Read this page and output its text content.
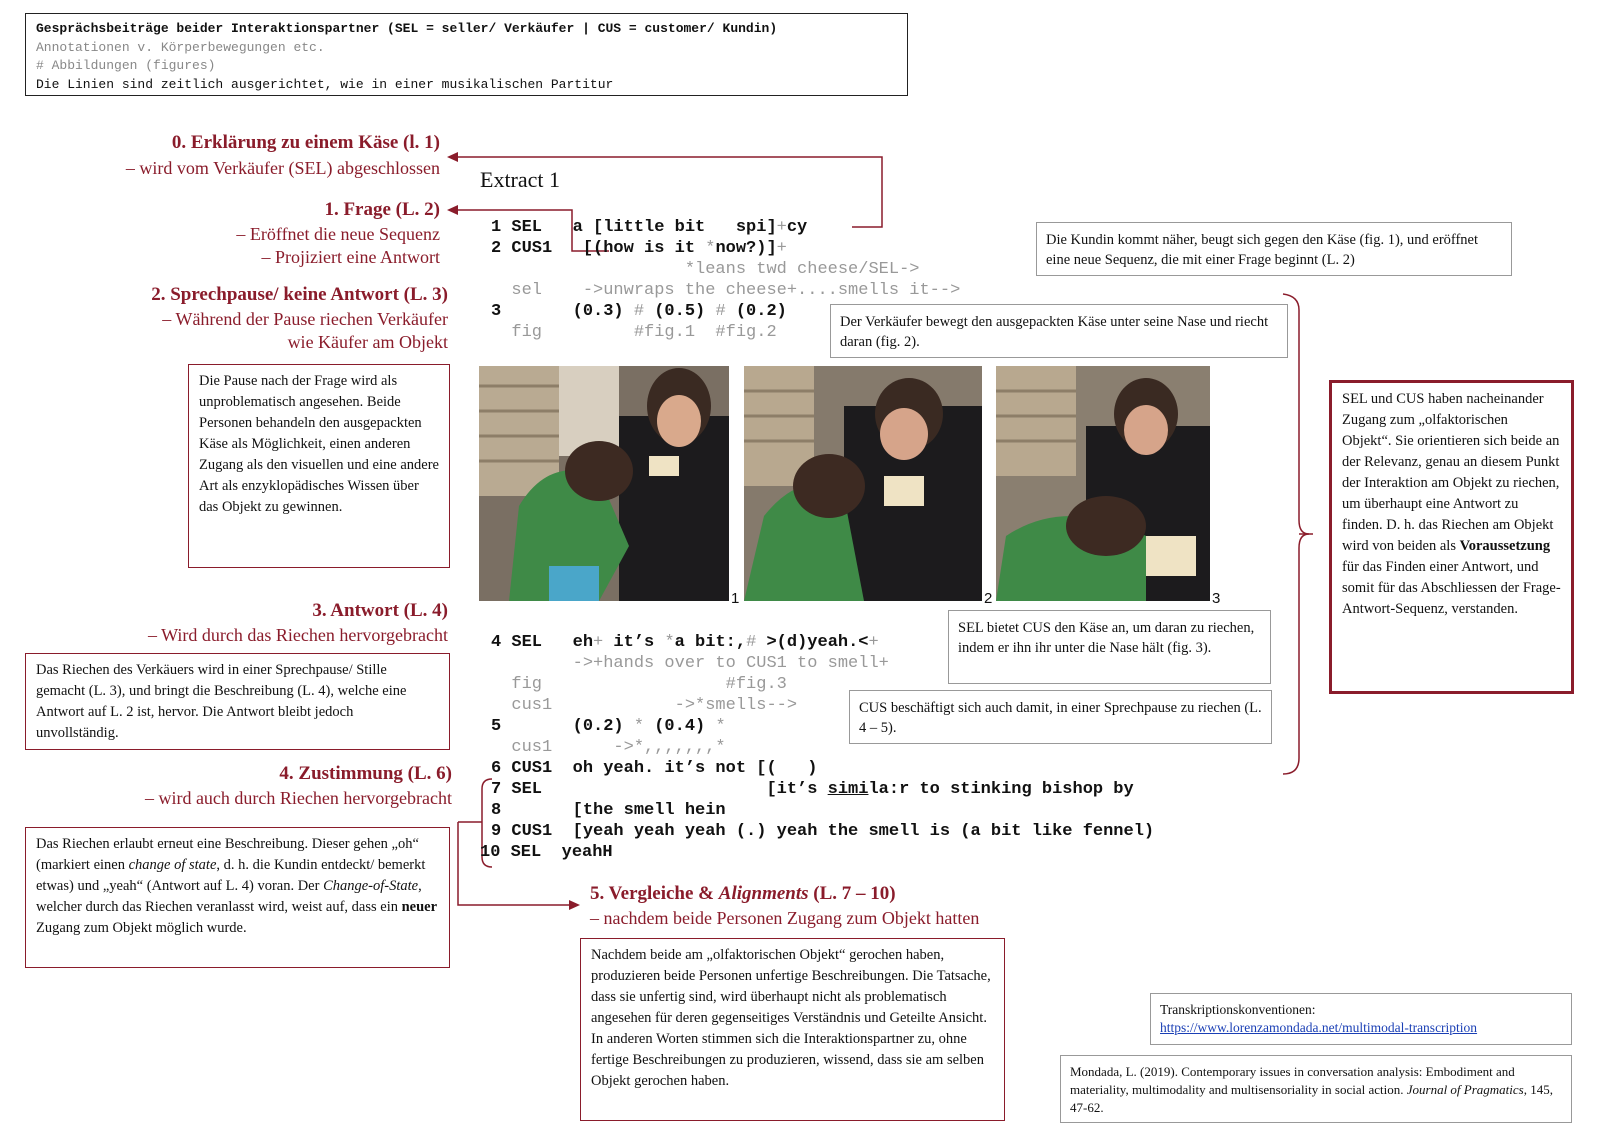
Gesprächsbeiträge beider Interaktionspartner (SEL = seller/ Verkäufer | CUS = customer/ Kundin)
Annotationen v. Körperbewegungen etc.
# Abbildungen (figures)
Die Linien sind zeitlich ausgerichtet, wie in einer musikalischen Partitur
0. Erklärung zu einem Käse (l. 1)
– wird vom Verkäufer (SEL) abgeschlossen
1. Frage (L. 2)
– Eröffnet die neue Sequenz
– Projiziert eine Antwort
2. Sprechpause/ keine Antwort (L. 3)
– Während der Pause riechen Verkäufer
wie Käufer am Objekt
Die Pause nach der Frage wird als unproblematisch angesehen. Beide Personen behandeln den ausgepackten Käse als Möglichkeit, einen anderen Zugang als den visuellen und eine andere Art als enzyklopädisches Wissen über das Objekt zu gewinnen.
3. Antwort (L. 4)
– Wird durch das Riechen hervorgebracht
Das Riechen des Verkäuers wird in einer Sprechpause/ Stille gemacht (L. 3), und bringt die Beschreibung (L. 4), welche eine Antwort auf L. 2 ist, hervor. Die Antwort bleibt jedoch unvollständig.
4. Zustimmung (L. 6)
– wird auch durch Riechen hervorgebracht
Das Riechen erlaubt erneut eine Beschreibung. Dieser gehen „oh“ (markiert einen change of state, d. h. die Kundin entdeckt/ bemerkt etwas) und „yeah“ (Antwort auf L. 4) voran. Der Change-of-State, welcher durch das Riechen veranlasst wird, weist auf, dass ein neuer Zugang zum Objekt möglich wurde.
Extract 1
1 SEL   a [little bit   spi]+cy
2 CUS1   [(how is it *now?)]+
*leans twd cheese/SEL->
sel    ->unwraps the cheese+....smells it-->
3       (0.3) # (0.5) # (0.2)
fig         #fig.1  #fig.2
Die Kundin kommt näher, beugt sich gegen den Käse (fig. 1), und eröffnet eine neue Sequenz, die mit einer Frage beginnt (L. 2)
Der Verkäufer bewegt den ausgepackten Käse unter seine Nase und riecht daran (fig. 2).
1	2	3
4 SEL   eh+ it’s *a bit:,# >(d)yeah.<+
->+hands over to CUS1 to smell+
fig                  #fig.3
cus1            ->*smells-->
5       (0.2) * (0.4) *
cus1      ->*,,,,,,,*
6 CUS1  oh yeah. it’s not [(   )
7 SEL                      [it’s simila:r to stinking bishop by
8       [the smell hein
9 CUS1  [yeah yeah yeah (.) yeah the smell is (a bit like fennel)
10 SEL  yeahH
SEL bietet CUS den Käse an, um daran zu riechen, indem er ihn ihr unter die Nase hält (fig. 3).
CUS beschäftigt sich auch damit, in einer Sprechpause zu riechen (L. 4 – 5).
SEL und CUS haben nacheinander Zugang zum „olfaktorischen Objekt“. Sie orientieren sich beide an der Relevanz, genau an diesem Punkt der Interaktion am Objekt zu riechen, um überhaupt eine Antwort zu finden. D. h. das Riechen am Objekt wird von beiden als Voraussetzung für das Finden einer Antwort, und somit für das Abschliessen der Frage-Antwort-Sequenz, verstanden.
5. Vergleiche & Alignments (L. 7 – 10)
– nachdem beide Personen Zugang zum Objekt hatten
Nachdem beide am „olfaktorischen Objekt“ gerochen haben, produzieren beide Personen unfertige Beschreibungen. Die Tatsache, dass sie unfertig sind, wird überhaupt nicht als problematisch angesehen für deren gegenseitiges Verständnis und Geteilte Ansicht. In anderen Worten stimmen sich die Interaktionspartner zu, ohne fertige Beschreibungen zu produzieren, wissend, dass sie am selben Objekt gerochen haben.
Transkriptionskonventionen:
https://www.lorenzamondada.net/multimodal-transcription
Mondada, L. (2019). Contemporary issues in conversation analysis: Embodiment and materiality, multimodality and multisensoriality in social action. Journal of Pragmatics, 145, 47-62.
